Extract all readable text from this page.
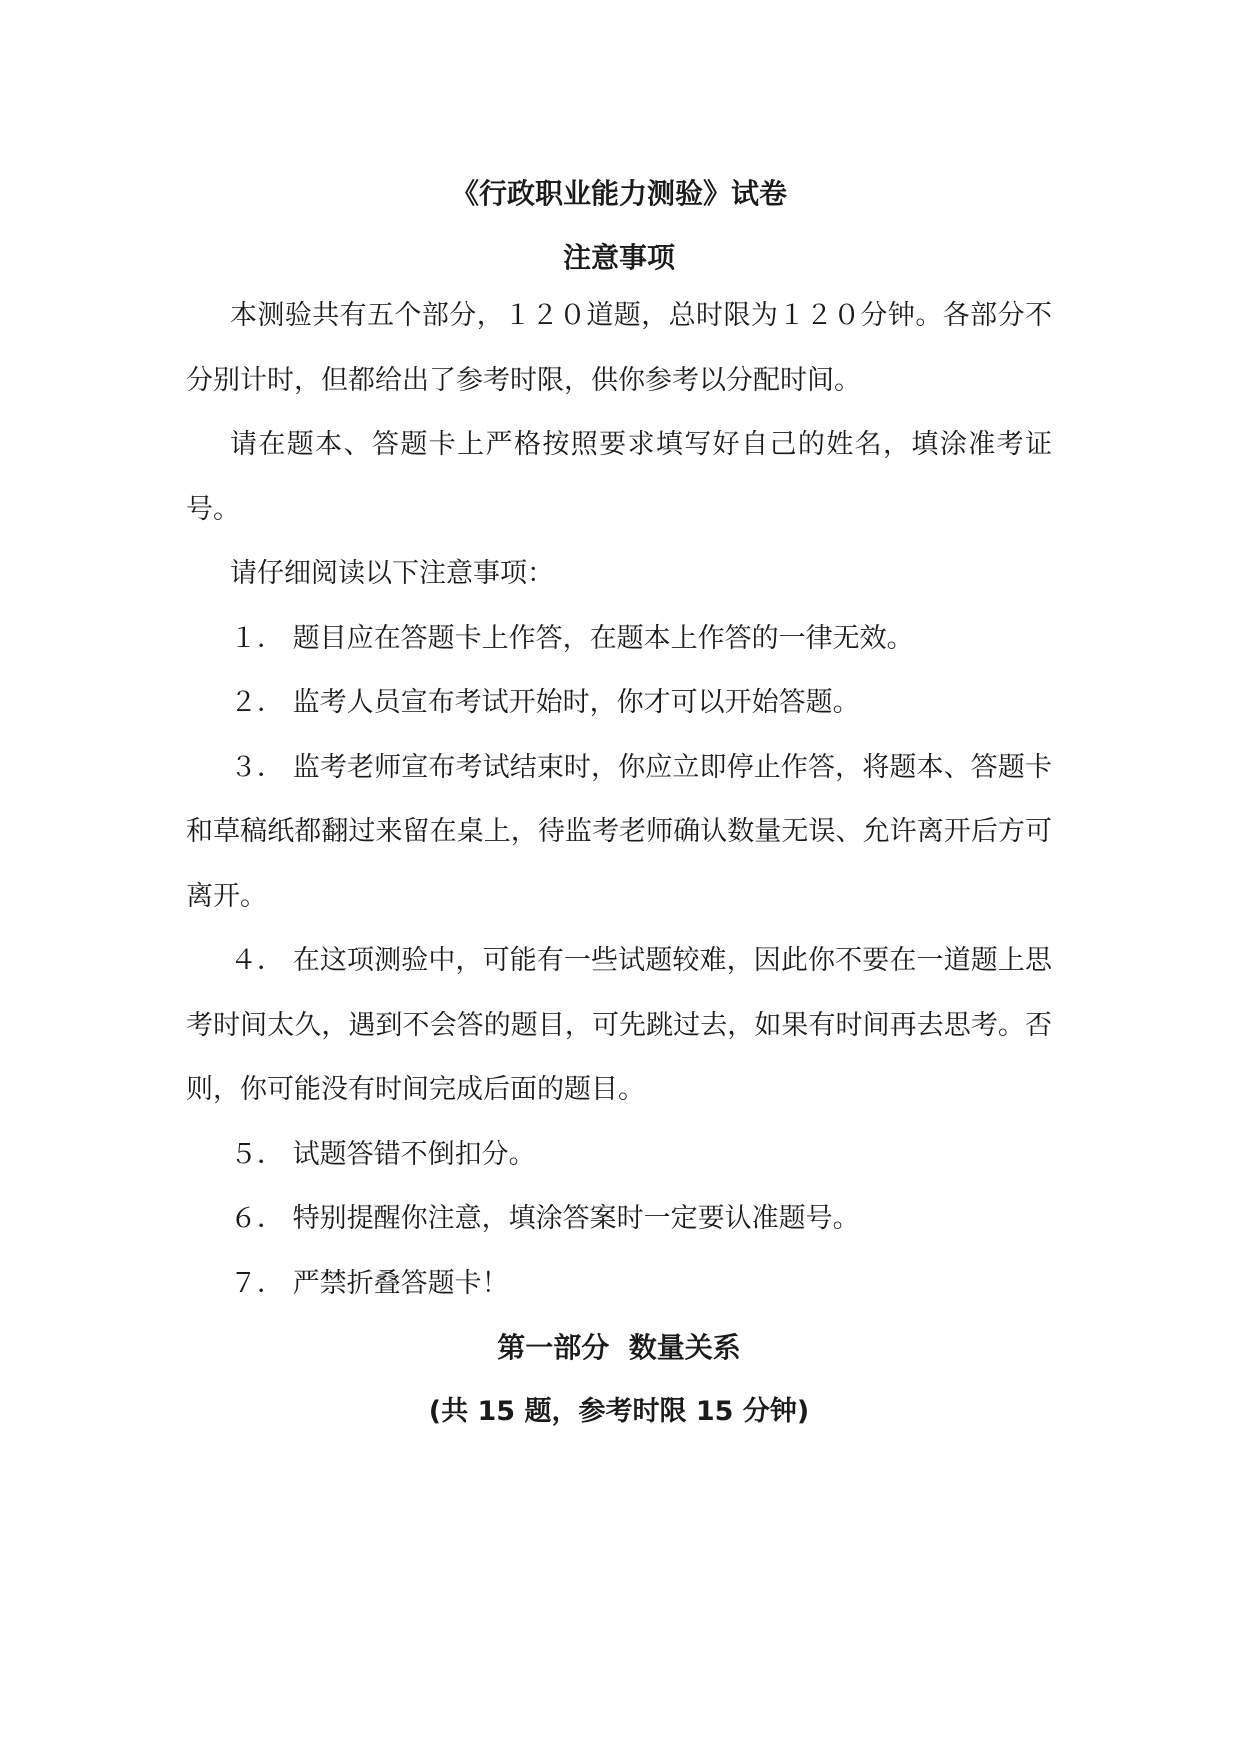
《行政职业能力测验》试卷
注意事项

本测验共有五个部分，１２０道题，总时限为１２０分钟。各部分不分别计时，但都给出了参考时限，供你参考以分配时间。

请在题本、答题卡上严格按照要求填写好自己的姓名，填涂准考证号。

请仔细阅读以下注意事项：

１． 题目应在答题卡上作答，在题本上作答的一律无效。

２． 监考人员宣布考试开始时，你才可以开始答题。

３． 监考老师宣布考试结束时，你应立即停止作答，将题本、答题卡和草稿纸都翻过来留在桌上，待监考老师确认数量无误、允许离开后方可离开。

４． 在这项测验中，可能有一些试题较难，因此你不要在一道题上思考时间太久，遇到不会答的题目，可先跳过去，如果有时间再去思考。否则，你可能没有时间完成后面的题目。

５． 试题答错不倒扣分。

６． 特别提醒你注意，填涂答案时一定要认准题号。

７． 严禁折叠答题卡！

第一部分  数量关系

(共 15 题，参考时限 15 分钟)
